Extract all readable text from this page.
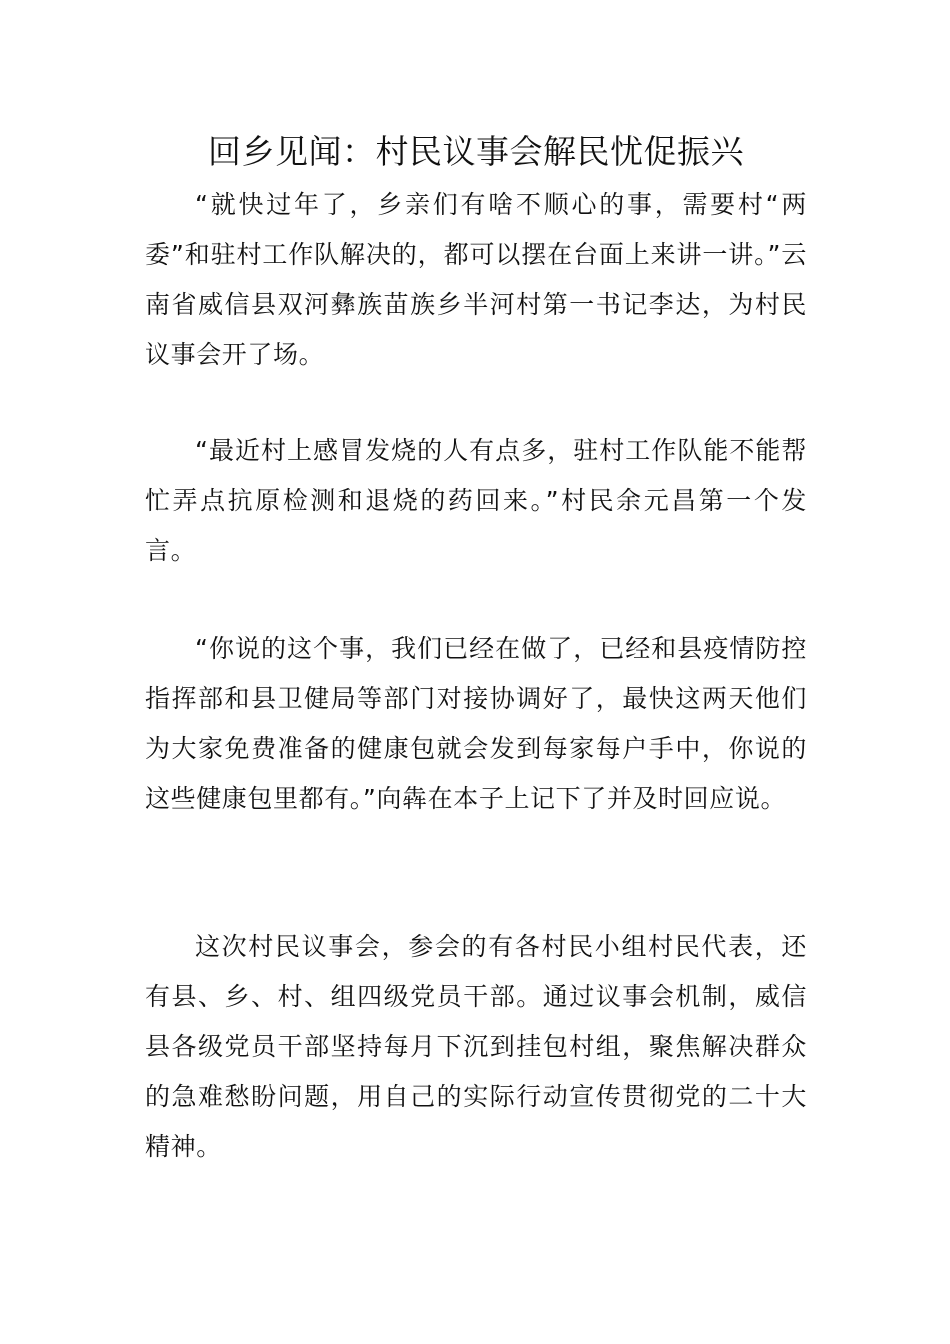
回乡见闻：村民议事会解民忧促振兴

“就快过年了，乡亲们有啥不顺心的事，需要村“两委”和驻村工作队解决的，都可以摆在台面上来讲一讲。”云南省威信县双河彝族苗族乡半河村第一书记李达，为村民议事会开了场。

“最近村上感冒发烧的人有点多，驻村工作队能不能帮忙弄点抗原检测和退烧的药回来。”村民余元昌第一个发言。

“你说的这个事，我们已经在做了，已经和县疫情防控指挥部和县卫健局等部门对接协调好了，最快这两天他们为大家免费准备的健康包就会发到每家每户手中，你说的这些健康包里都有。”向犇在本子上记下了并及时回应说。

这次村民议事会，参会的有各村民小组村民代表，还有县、乡、村、组四级党员干部。通过议事会机制，威信县各级党员干部坚持每月下沉到挂包村组，聚焦解决群众的急难愁盼问题，用自己的实际行动宣传贯彻党的二十大精神。
